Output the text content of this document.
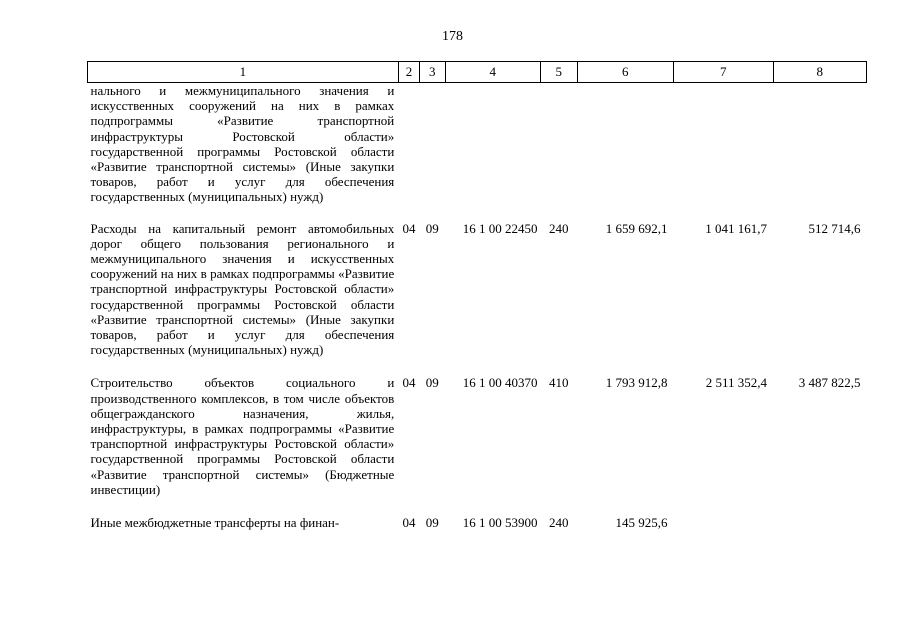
178
1	2	3	4	5	6	7	8
нального и межмуниципального значения и искусственных сооружений на них в рамках подпрограммы «Развитие транспортной инфраструктуры Ростовской области» государственной программы Ростовской области «Развитие транспортной системы» (Иные закупки товаров, работ и услуг для обеспечения государственных (муниципальных) нужд)							
Расходы на капитальный ремонт автомобильных дорог общего пользования регионального и межмуниципального значения и искусственных сооружений на них в рамках подпрограммы «Развитие транспортной инфраструктуры Ростовской области» государственной программы Ростовской области «Развитие транспортной системы» (Иные закупки товаров, работ и услуг для обеспечения государственных (муниципальных) нужд)	04	09	16 1 00 22450	240	1 659 692,1	1 041 161,7	512 714,6
Строительство объектов социального и производственного комплексов, в том числе объектов общегражданского назначения, жилья, инфраструктуры, в рамках подпрограммы «Развитие транспортной инфраструктуры Ростовской области» государственной программы Ростовской области «Развитие транспортной системы» (Бюджетные инвестиции)	04	09	16 1 00 40370	410	1 793 912,8	2 511 352,4	3 487 822,5
Иные межбюджетные трансферты на финан-	04	09	16 1 00 53900	240	145 925,6		
